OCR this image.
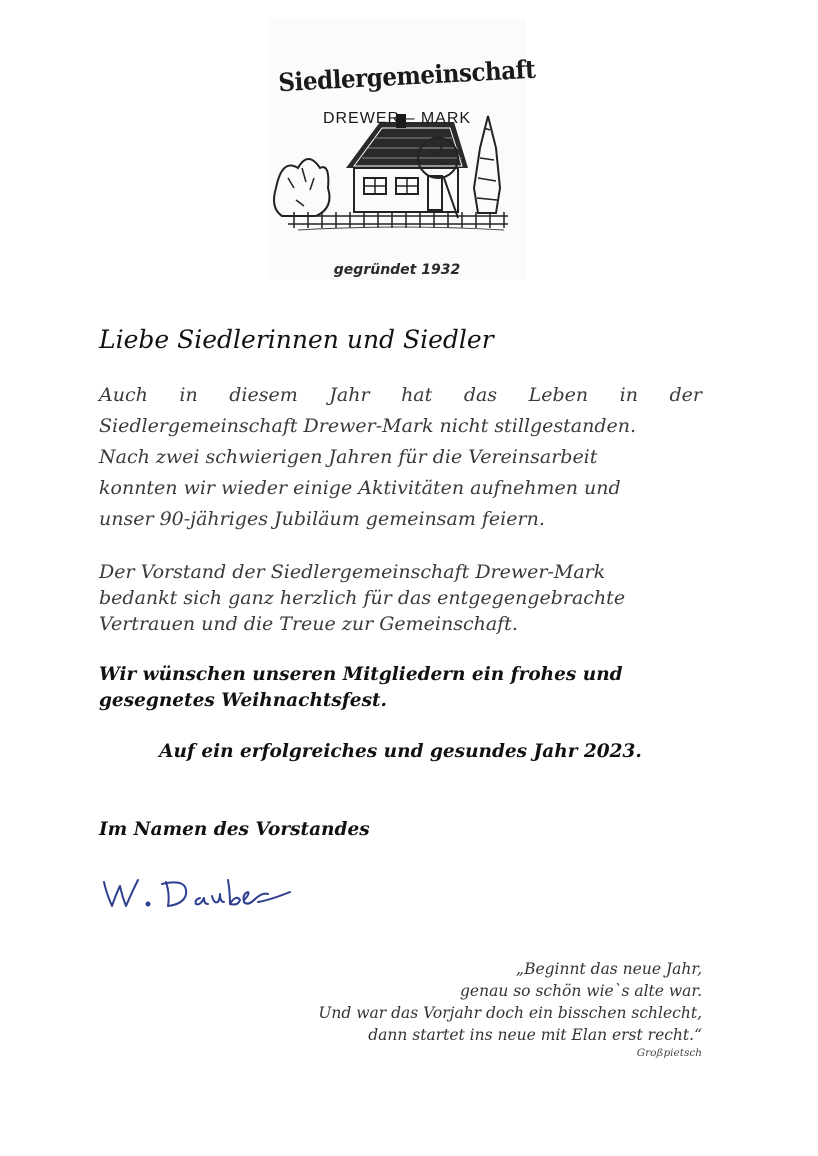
Siedlergemeinschaft
DREWER – MARK
gegründet 1932
Liebe Siedlerinnen und Siedler
Auch in diesem Jahr hat das Leben in der
Siedlergemeinschaft Drewer-Mark nicht stillgestanden.
Nach zwei schwierigen Jahren für die Vereinsarbeit
konnten wir wieder einige Aktivitäten aufnehmen und
unser 90-jähriges Jubiläum gemeinsam feiern.
Der Vorstand der Siedlergemeinschaft Drewer-Mark
bedankt sich ganz herzlich für das entgegengebrachte
Vertrauen und die Treue zur Gemeinschaft.
Wir wünschen unseren Mitgliedern ein frohes und
gesegnetes Weihnachtsfest.
Auf ein erfolgreiches und gesundes Jahr 2023.
Im Namen des Vorstandes
„Beginnt das neue Jahr,
genau so schön wie`s alte war.
Und war das Vorjahr doch ein bisschen schlecht,
dann startet ins neue mit Elan erst recht.“
Großpietsch
